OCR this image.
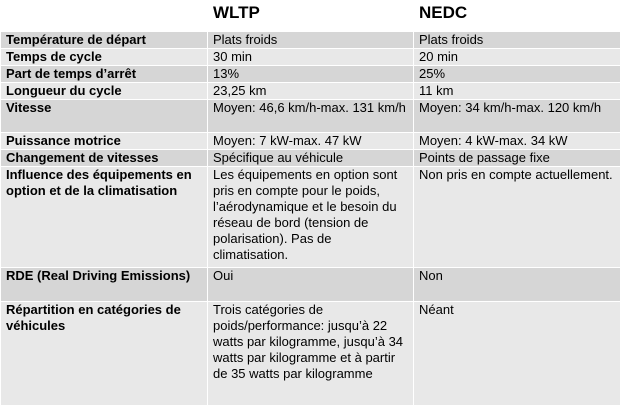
	WLTP	NEDC
Température de départ	Plats froids	Plats froids
Temps de cycle	30 min	20 min
Part de temps d’arrêt	13%	25%
Longueur du cycle	23,25 km	11 km
Vitesse	Moyen: 46,6 km/h-max. 131 km/h	Moyen: 34 km/h-max. 120 km/h
Puissance motrice	Moyen: 7 kW-max. 47 kW	Moyen: 4 kW-max. 34 kW
Changement de vitesses	Spécifique au véhicule	Points de passage fixe
Influence des équipements en option et de la climatisation	Les équipements en option sont pris en compte pour le poids, l’aérodynamique et le besoin du réseau de bord (tension de polarisation). Pas de climatisation.	Non pris en compte actuellement.
RDE (Real Driving Emissions)	Oui	Non
Répartition en catégories de véhicules	Trois catégories de poids/performance: jusqu’à 22 watts par kilogramme, jusqu’à 34 watts par kilogramme et à partir de 35 watts par kilogramme	Néant
